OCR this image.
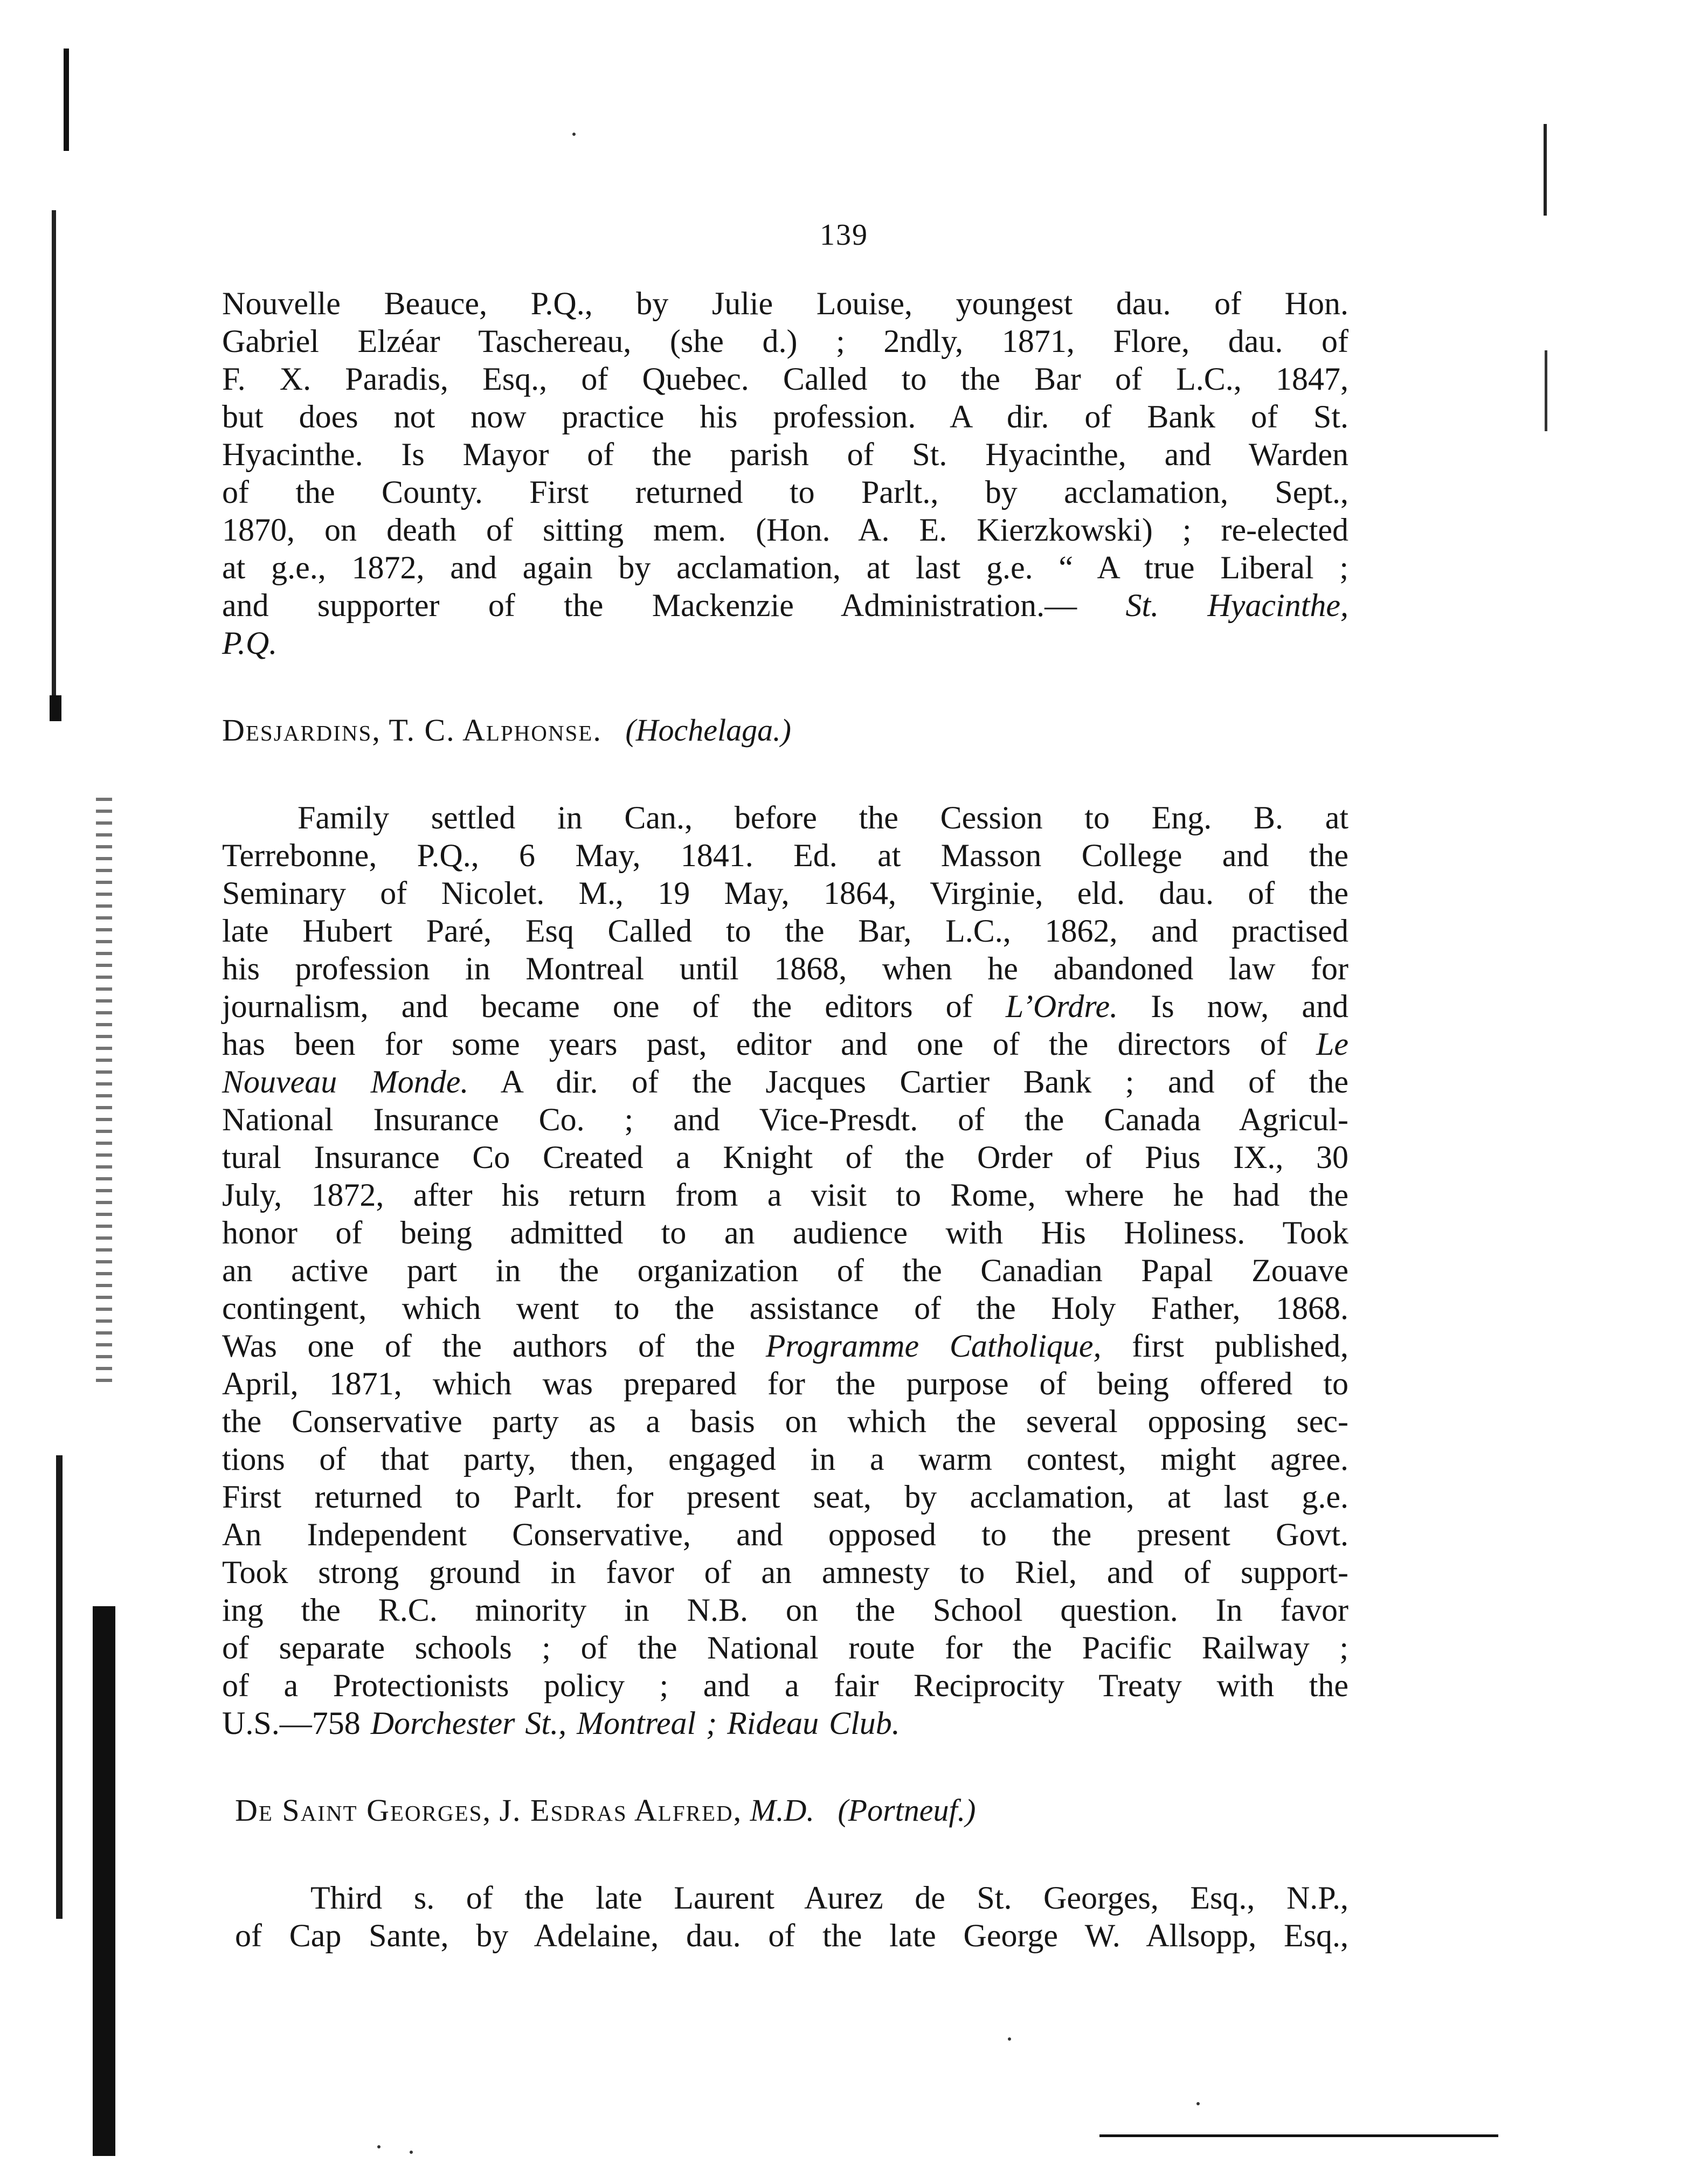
139

Nouvelle Beauce, P.Q., by Julie Louise, youngest dau. of Hon.
Gabriel Elzéar Taschereau, (she d.) ; 2ndly, 1871, Flore, dau. of
F. X. Paradis, Esq., of Quebec. Called to the Bar of L.C., 1847,
but does not now practice his profession. A dir. of Bank of St.
Hyacinthe. Is Mayor of the parish of St. Hyacinthe, and Warden
of the County. First returned to Parlt., by acclamation, Sept.,
1870, on death of sitting mem. (Hon. A. E. Kierzkowski) ; re-elected
at g.e., 1872, and again by acclamation, at last g.e. “ A true Liberal ;
and supporter of the Mackenzie Administration.— St. Hyacinthe,
P.Q.

Desjardins, T. C. Alphonse. (Hochelaga.)

Family settled in Can., before the Cession to Eng. B. at
Terrebonne, P.Q., 6 May, 1841. Ed. at Masson College and the
Seminary of Nicolet. M., 19 May, 1864, Virginie, eld. dau. of the
late Hubert Paré, Esq Called to the Bar, L.C., 1862, and practised
his profession in Montreal until 1868, when he abandoned law for
journalism, and became one of the editors of L’Ordre. Is now, and
has been for some years past, editor and one of the directors of Le
Nouveau Monde. A dir. of the Jacques Cartier Bank ; and of the
National Insurance Co. ; and Vice-Presdt. of the Canada Agricul-
tural Insurance Co Created a Knight of the Order of Pius IX., 30
July, 1872, after his return from a visit to Rome, where he had the
honor of being admitted to an audience with His Holiness. Took
an active part in the organization of the Canadian Papal Zouave
contingent, which went to the assistance of the Holy Father, 1868.
Was one of the authors of the Programme Catholique, first published,
April, 1871, which was prepared for the purpose of being offered to
the Conservative party as a basis on which the several opposing sec-
tions of that party, then, engaged in a warm contest, might agree.
First returned to Parlt. for present seat, by acclamation, at last g.e.
An Independent Conservative, and opposed to the present Govt.
Took strong ground in favor of an amnesty to Riel, and of support-
ing the R.C. minority in N.B. on the School question. In favor
of separate schools ; of the National route for the Pacific Railway ;
of a Protectionists policy ; and a fair Reciprocity Treaty with the
U.S.—758 Dorchester St., Montreal ; Rideau Club.

De Saint Georges, J. Esdras Alfred, M.D. (Portneuf.)

Third s. of the late Laurent Aurez de St. Georges, Esq., N.P.,
of Cap Sante, by Adelaine, dau. of the late George W. Allsopp, Esq.,
